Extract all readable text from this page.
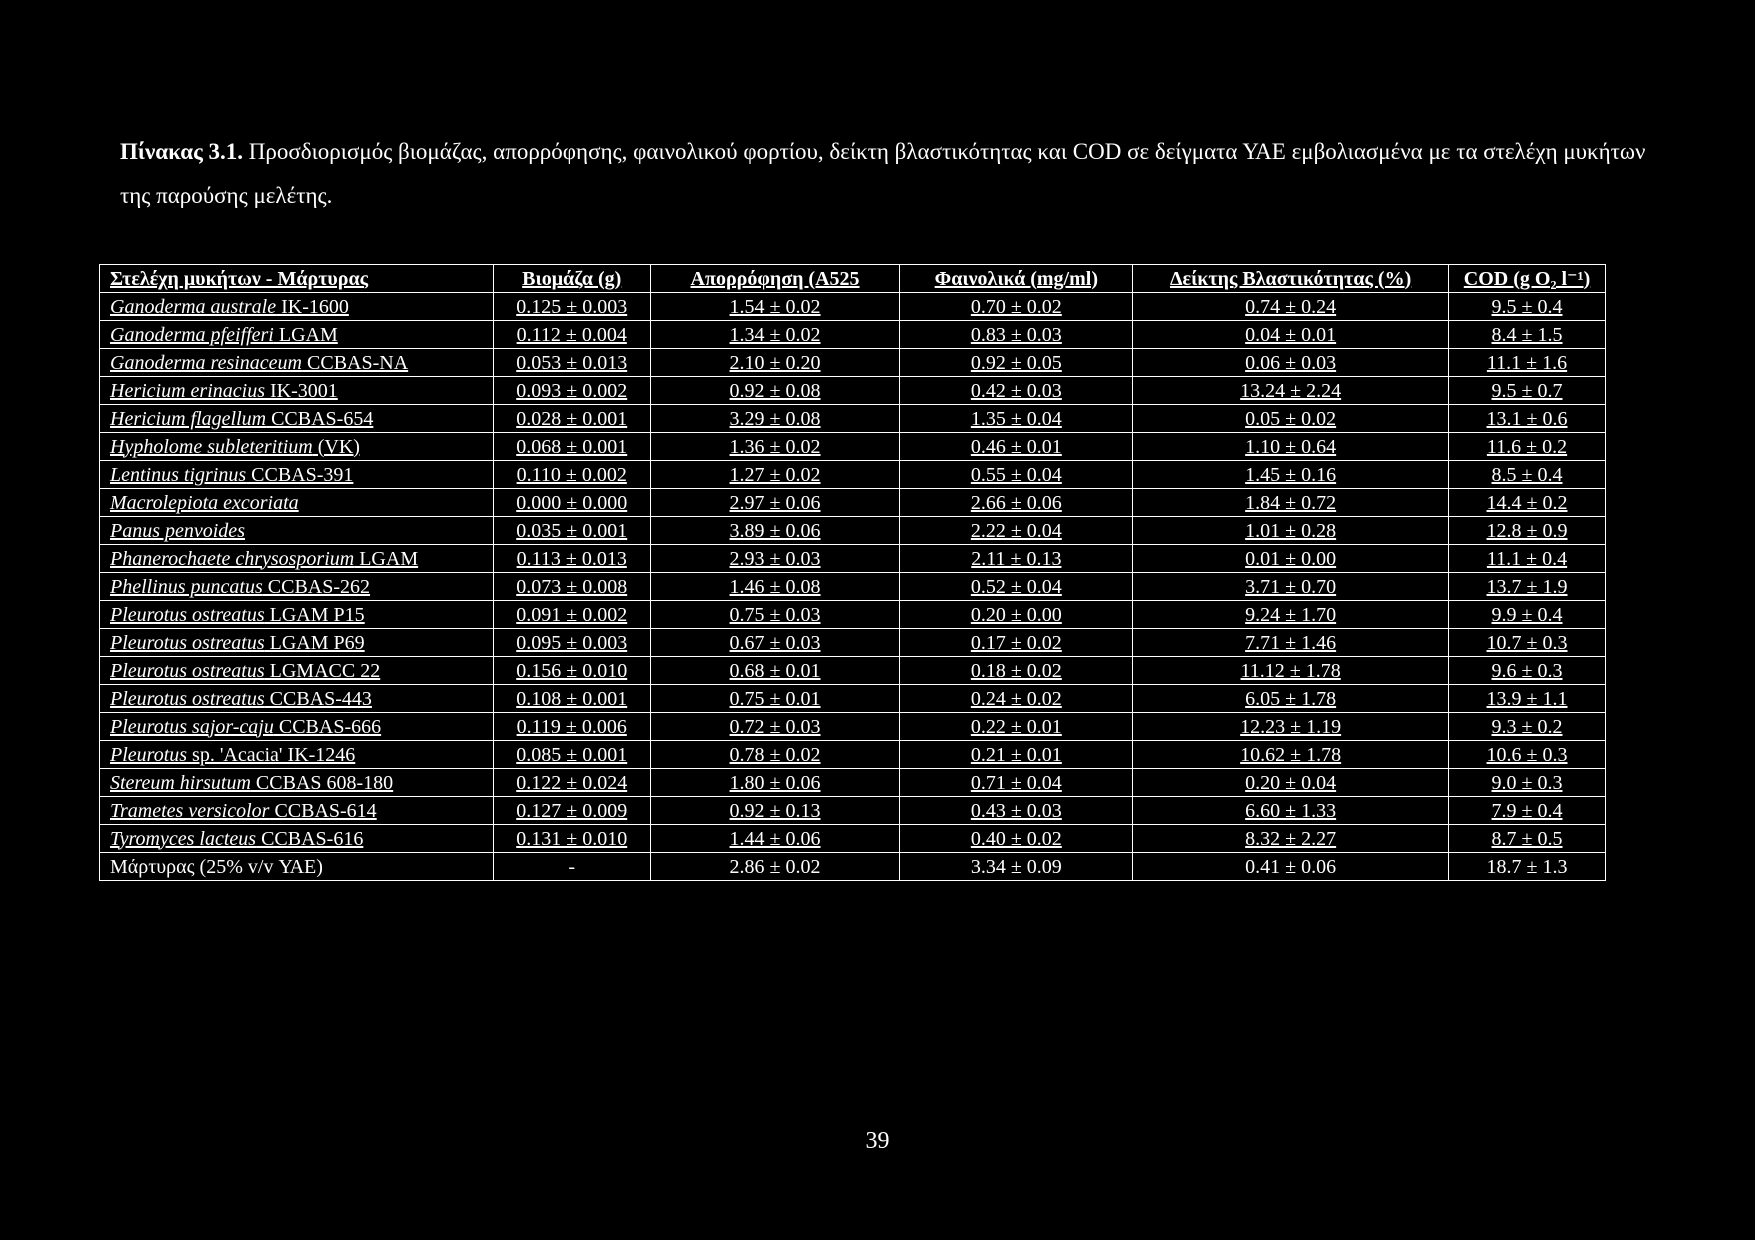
Πίνακας 3.1. Προσδιορισμός βιομάζας, απορρόφησης, φαινολικού φορτίου, δείκτη βλαστικότητας και COD σε δείγματα ΥΑΕ εμβολιασμένα με τα στελέχη μυκήτων της παρούσης μελέτης.
Στελέχη μυκήτων - Μάρτυρας	Βιομάζα (g)	Απορρόφηση (A525	Φαινολικά (mg/ml)	Δείκτης Βλαστικότητας (%)	COD (g O₂ l⁻¹)
Ganoderma australe IK-1600	0.125 ± 0.003	1.54 ± 0.02	0.70 ± 0.02	0.74 ± 0.24	9.5 ± 0.4
Ganoderma pfeifferi LGAM	0.112 ± 0.004	1.34 ± 0.02	0.83 ± 0.03	0.04 ± 0.01	8.4 ± 1.5
Ganoderma resinaceum CCBAS-NA	0.053 ± 0.013	2.10 ± 0.20	0.92 ± 0.05	0.06 ± 0.03	11.1 ± 1.6
Hericium erinacius IK-3001	0.093 ± 0.002	0.92 ± 0.08	0.42 ± 0.03	13.24 ± 2.24	9.5 ± 0.7
Hericium flagellum CCBAS-654	0.028 ± 0.001	3.29 ± 0.08	1.35 ± 0.04	0.05 ± 0.02	13.1 ± 0.6
Hypholome subleteritium (VK)	0.068 ± 0.001	1.36 ± 0.02	0.46 ± 0.01	1.10 ± 0.64	11.6 ± 0.2
Lentinus tigrinus CCBAS-391	0.110 ± 0.002	1.27 ± 0.02	0.55 ± 0.04	1.45 ± 0.16	8.5 ± 0.4
Macrolepiota excoriata	0.000 ± 0.000	2.97 ± 0.06	2.66 ± 0.06	1.84 ± 0.72	14.4 ± 0.2
Panus penvoides	0.035 ± 0.001	3.89 ± 0.06	2.22 ± 0.04	1.01 ± 0.28	12.8 ± 0.9
Phanerochaete chrysosporium LGAM	0.113 ± 0.013	2.93 ± 0.03	2.11 ± 0.13	0.01 ± 0.00	11.1 ± 0.4
Phellinus puncatus CCBAS-262	0.073 ± 0.008	1.46 ± 0.08	0.52 ± 0.04	3.71 ± 0.70	13.7 ± 1.9
Pleurotus ostreatus LGAM P15	0.091 ± 0.002	0.75 ± 0.03	0.20 ± 0.00	9.24 ± 1.70	9.9 ± 0.4
Pleurotus ostreatus LGAM P69	0.095 ± 0.003	0.67 ± 0.03	0.17 ± 0.02	7.71 ± 1.46	10.7 ± 0.3
Pleurotus ostreatus LGMACC 22	0.156 ± 0.010	0.68 ± 0.01	0.18 ± 0.02	11.12 ± 1.78	9.6 ± 0.3
Pleurotus ostreatus CCBAS-443	0.108 ± 0.001	0.75 ± 0.01	0.24 ± 0.02	6.05 ± 1.78	13.9 ± 1.1
Pleurotus sajor-caju CCBAS-666	0.119 ± 0.006	0.72 ± 0.03	0.22 ± 0.01	12.23 ± 1.19	9.3 ± 0.2
Pleurotus sp. 'Acacia' IK-1246	0.085 ± 0.001	0.78 ± 0.02	0.21 ± 0.01	10.62 ± 1.78	10.6 ± 0.3
Stereum hirsutum CCBAS 608-180	0.122 ± 0.024	1.80 ± 0.06	0.71 ± 0.04	0.20 ± 0.04	9.0 ± 0.3
Trametes versicolor CCBAS-614	0.127 ± 0.009	0.92 ± 0.13	0.43 ± 0.03	6.60 ± 1.33	7.9 ± 0.4
Tyromyces lacteus CCBAS-616	0.131 ± 0.010	1.44 ± 0.06	0.40 ± 0.02	8.32 ± 2.27	8.7 ± 0.5
Μάρτυρας (25% v/v ΥΑΕ)	-	2.86 ± 0.02	3.34 ± 0.09	0.41 ± 0.06	18.7 ± 1.3
39
